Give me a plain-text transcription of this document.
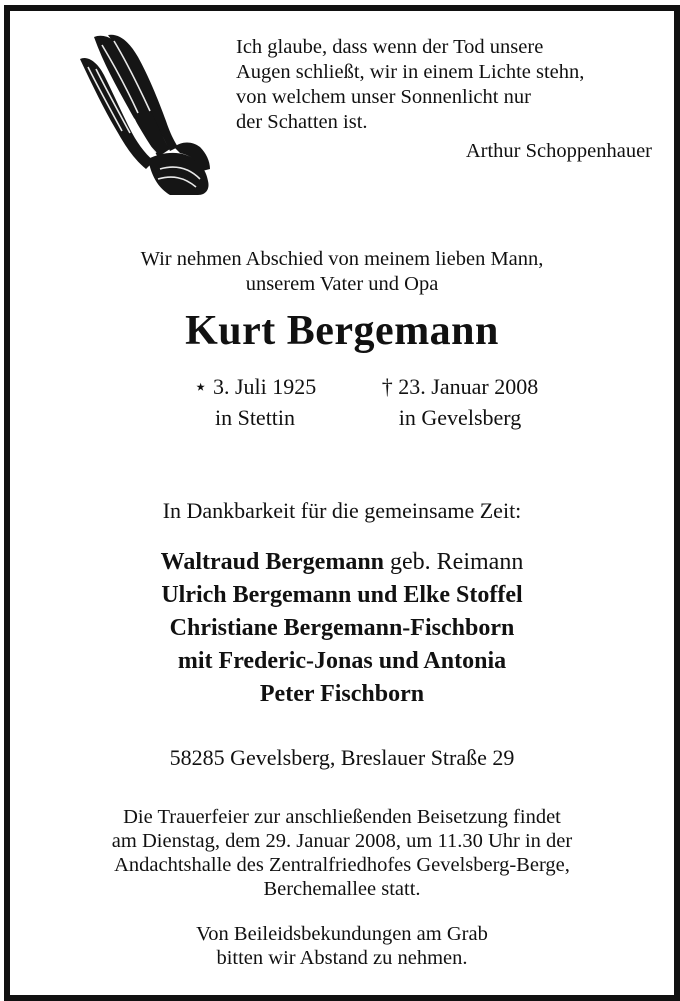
Ich glaube, dass wenn der Tod unsere
Augen schließt, wir in einem Lichte stehn,
von welchem unser Sonnenlicht nur
der Schatten ist.
Arthur Schoppenhauer
Wir nehmen Abschied von meinem lieben Mann,
unserem Vater und Opa
Kurt Bergemann
⋆ 3. Juli 1925
in Stettin
† 23. Januar 2008
in Gevelsberg
In Dankbarkeit für die gemeinsame Zeit:
Waltraud Bergemann geb. Reimann
Ulrich Bergemann und Elke Stoffel
Christiane Bergemann-Fischborn
mit Frederic-Jonas und Antonia
Peter Fischborn
58285 Gevelsberg, Breslauer Straße 29
Die Trauerfeier zur anschließenden Beisetzung findet
am Dienstag, dem 29. Januar 2008, um 11.30 Uhr in der
Andachtshalle des Zentralfriedhofes Gevelsberg-Berge,
Berchemallee statt.
Von Beileidsbekundungen am Grab
bitten wir Abstand zu nehmen.
